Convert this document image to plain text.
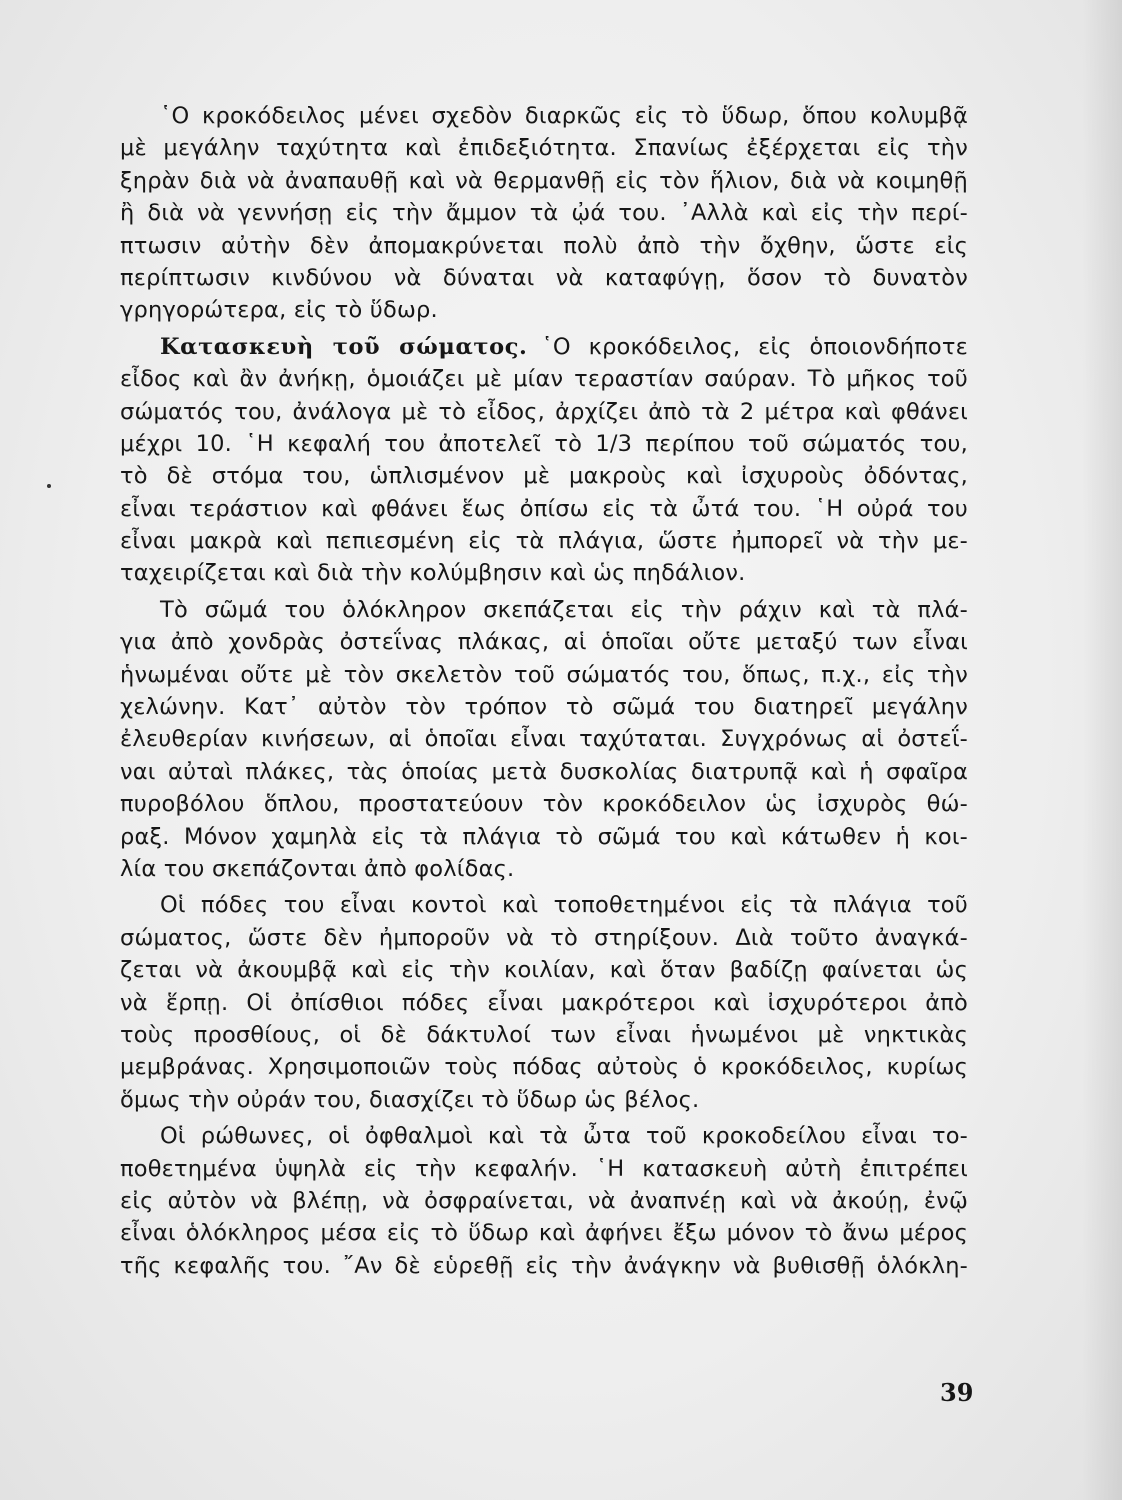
῾Ο κροκόδειλος μένει σχεδὸν διαρκῶς εἰς τὸ ὕδωρ, ὅπου κολυμβᾷ
μὲ μεγάλην ταχύτητα καὶ ἐπιδεξιότητα. Σπανίως ἐξέρχεται εἰς τὴν
ξηρὰν διὰ νὰ ἀναπαυθῇ καὶ νὰ θερμανθῇ εἰς τὸν ἥλιον, διὰ νὰ κοιμηθῇ
ἢ διὰ νὰ γεννήσῃ εἰς τὴν ἄμμον τὰ ᾠά του. ᾿Αλλὰ καὶ εἰς τὴν περί-
πτωσιν αὐτὴν δὲν ἀπομακρύνεται πολὺ ἀπὸ τὴν ὄχθην, ὥστε εἰς
περίπτωσιν κινδύνου νὰ δύναται νὰ καταφύγῃ, ὅσον τὸ δυνατὸν
γρηγορώτερα, εἰς τὸ ὕδωρ.
Κατασκευὴ τοῦ σώματος. ῾Ο κροκόδειλος, εἰς ὁποιονδήποτε
εἶδος καὶ ἂν ἀνήκῃ, ὁμοιάζει μὲ μίαν τεραστίαν σαύραν. Τὸ μῆκος τοῦ
σώματός του, ἀνάλογα μὲ τὸ εἶδος, ἀρχίζει ἀπὸ τὰ 2 μέτρα καὶ φθάνει
μέχρι 10. ῾Η κεφαλή του ἀποτελεῖ τὸ 1/3 περίπου τοῦ σώματός του,
τὸ δὲ στόμα του, ὡπλισμένον μὲ μακροὺς καὶ ἰσχυροὺς ὀδόντας,
εἶναι τεράστιον καὶ φθάνει ἕως ὀπίσω εἰς τὰ ὦτά του. ῾Η οὐρά του
εἶναι μακρὰ καὶ πεπιεσμένη εἰς τὰ πλάγια, ὥστε ἠμπορεῖ νὰ τὴν με-
ταχειρίζεται καὶ διὰ τὴν κολύμβησιν καὶ ὡς πηδάλιον.
Τὸ σῶμά του ὁλόκληρον σκεπάζεται εἰς τὴν ράχιν καὶ τὰ πλά-
για ἀπὸ χονδρὰς ὀστεΐνας πλάκας, αἱ ὁποῖαι οὔτε μεταξύ των εἶναι
ἡνωμέναι οὔτε μὲ τὸν σκελετὸν τοῦ σώματός του, ὅπως, π.χ., εἰς τὴν
χελώνην. Κατ᾿ αὐτὸν τὸν τρόπον τὸ σῶμά του διατηρεῖ μεγάλην
ἐλευθερίαν κινήσεων, αἱ ὁποῖαι εἶναι ταχύταται. Συγχρόνως αἱ ὀστεΐ-
ναι αὐταὶ πλάκες, τὰς ὁποίας μετὰ δυσκολίας διατρυπᾷ καὶ ἡ σφαῖρα
πυροβόλου ὅπλου, προστατεύουν τὸν κροκόδειλον ὡς ἰσχυρὸς θώ-
ραξ. Μόνον χαμηλὰ εἰς τὰ πλάγια τὸ σῶμά του καὶ κάτωθεν ἡ κοι-
λία του σκεπάζονται ἀπὸ φολίδας.
Οἱ πόδες του εἶναι κοντοὶ καὶ τοποθετημένοι εἰς τὰ πλάγια τοῦ
σώματος, ὥστε δὲν ἠμποροῦν νὰ τὸ στηρίξουν. Διὰ τοῦτο ἀναγκά-
ζεται νὰ ἀκουμβᾷ καὶ εἰς τὴν κοιλίαν, καὶ ὅταν βαδίζῃ φαίνεται ὡς
νὰ ἕρπῃ. Οἱ ὀπίσθιοι πόδες εἶναι μακρότεροι καὶ ἰσχυρότεροι ἀπὸ
τοὺς προσθίους, οἱ δὲ δάκτυλοί των εἶναι ἡνωμένοι μὲ νηκτικὰς
μεμβράνας. Χρησιμοποιῶν τοὺς πόδας αὐτοὺς ὁ κροκόδειλος, κυρίως
ὅμως τὴν οὐράν του, διασχίζει τὸ ὕδωρ ὡς βέλος.
Οἱ ρώθωνες, οἱ ὀφθαλμοὶ καὶ τὰ ὦτα τοῦ κροκοδείλου εἶναι το-
ποθετημένα ὑψηλὰ εἰς τὴν κεφαλήν. ῾Η κατασκευὴ αὐτὴ ἐπιτρέπει
εἰς αὐτὸν νὰ βλέπῃ, νὰ ὀσφραίνεται, νὰ ἀναπνέῃ καὶ νὰ ἀκούῃ, ἐνῷ
εἶναι ὁλόκληρος μέσα εἰς τὸ ὕδωρ καὶ ἀφήνει ἔξω μόνον τὸ ἄνω μέρος
τῆς κεφαλῆς του. ῎Αν δὲ εὑρεθῇ εἰς τὴν ἀνάγκην νὰ βυθισθῇ ὁλόκλη-
39
